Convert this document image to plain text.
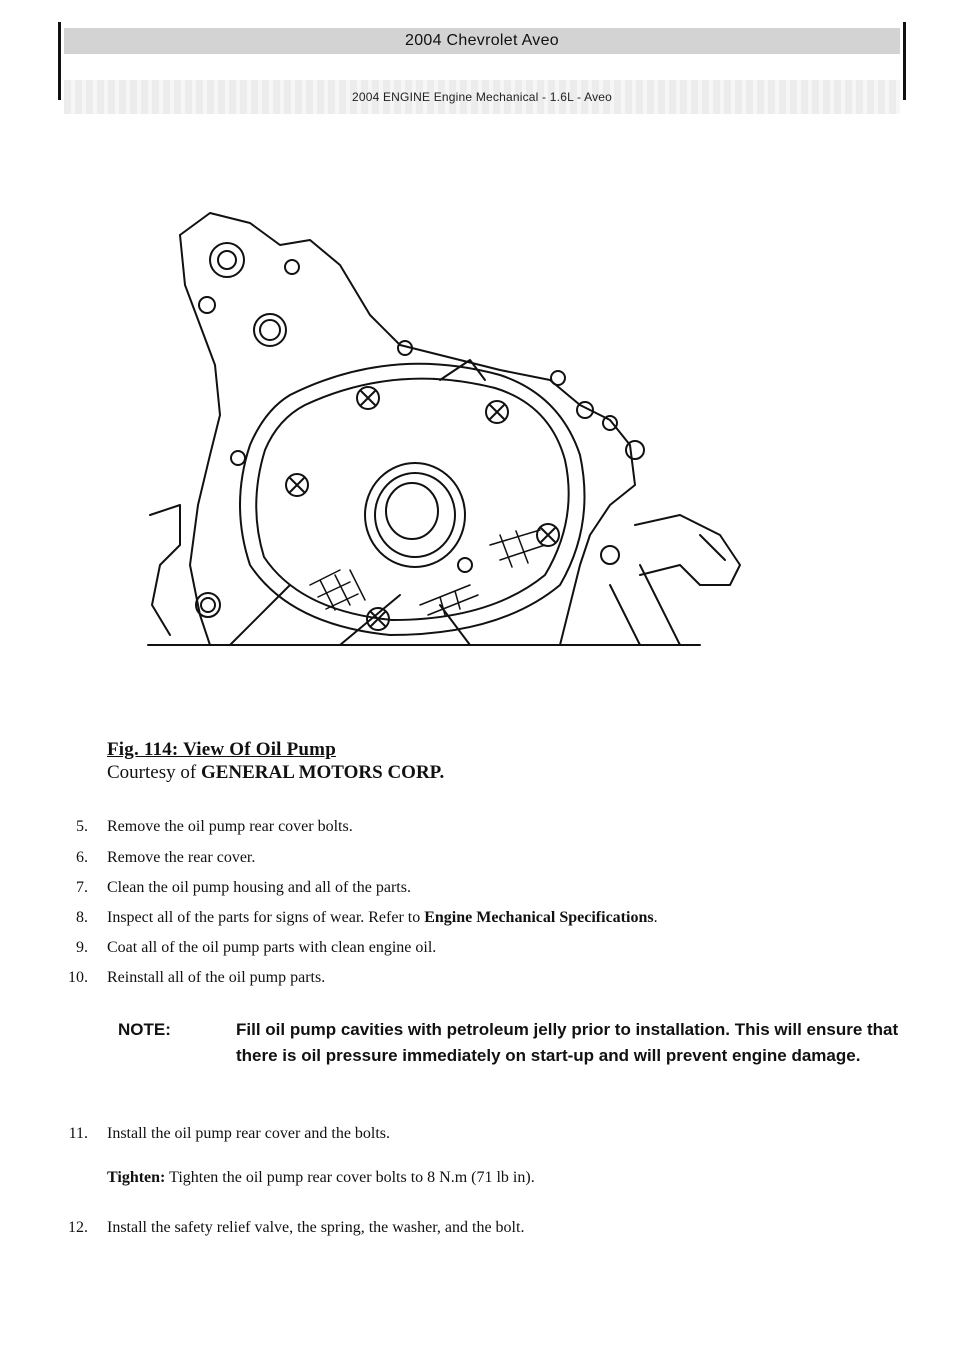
2004 Chevrolet Aveo
2004 ENGINE Engine Mechanical - 1.6L - Aveo
Fig. 114: View Of Oil Pump
Courtesy of GENERAL MOTORS CORP.
5. Remove the oil pump rear cover bolts.
6. Remove the rear cover.
7. Clean the oil pump housing and all of the parts.
8. Inspect all of the parts for signs of wear. Refer to Engine Mechanical Specifications.
9. Coat all of the oil pump parts with clean engine oil.
10. Reinstall all of the oil pump parts.
NOTE:	Fill oil pump cavities with petroleum jelly prior to installation. This will ensure that there is oil pressure immediately on start-up and will prevent engine damage.
11. Install the oil pump rear cover and the bolts.
Tighten: Tighten the oil pump rear cover bolts to 8 N.m (71 lb in).
12. Install the safety relief valve, the spring, the washer, and the bolt.
